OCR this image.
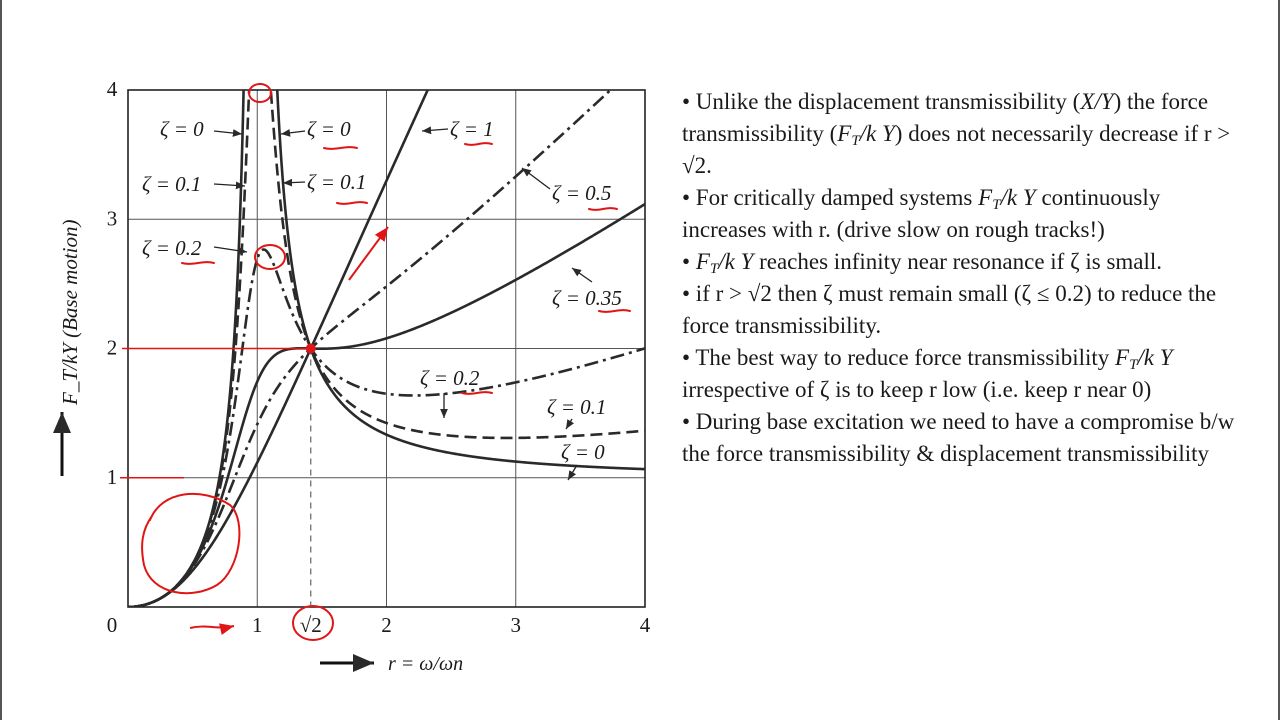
0	1 √2	2	3	4
1
2
3
4
r = ω/ωn
F_T/kY (Base motion)
ζ = 0	ζ = 0
ζ = 0.1	ζ = 0.1
ζ = 0.2
ζ = 1
ζ = 0.5
ζ = 0.35
ζ = 0.2
ζ = 0.1
ζ = 0

• Unlike the displacement transmissibility (X/Y) the force transmissibility ($F_T/k$ Y) does not necessarily decrease if r > √2.

• For critically damped systems $F_T/k$ Y continuously increases with r. (drive slow on rough tracks!)

• $F_T/k$ Y reaches infinity near resonance if ζ is small.

• if r > √2 then ζ must remain small (ζ ≤ 0.2) to reduce the force transmissibility.

• The best way to reduce force transmissibility $F_T/k$ Y irrespective of ζ is to keep r low (i.e. keep r near 0)

• During base excitation we need to have a compromise b/w the force transmissibility & displacement transmissibility
